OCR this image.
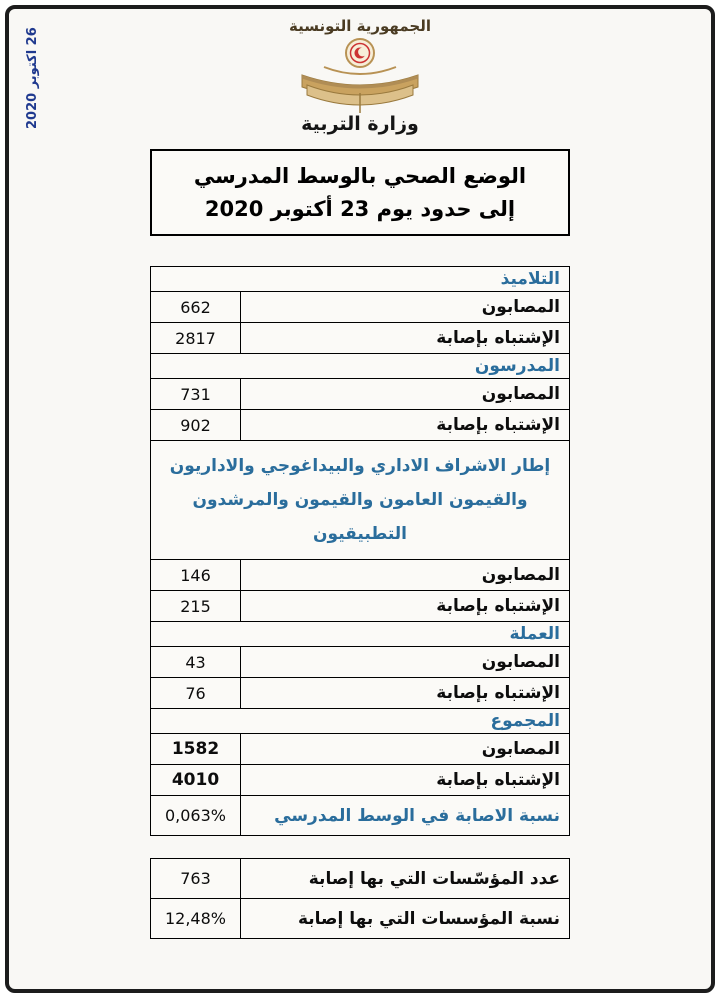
26 اكتوبر 2020
الجمهورية التونسية
وزارة التربية
الوضع الصحي بالوسط المدرسي
إلى حدود يوم 23 أكتوبر 2020
التلاميذ	
المصابون	662
الإشتباه بإصابة	2817
المدرسون	
المصابون	731
الإشتباه بإصابة	902
إطار الاشراف الاداري والبيداغوجي والاداريون والقيمون العامون والقيمون والمرشدون التطبيقيون	
المصابون	146
الإشتباه بإصابة	215
العملة	
المصابون	43
الإشتباه بإصابة	76
المجموع	
المصابون	1582
الإشتباه بإصابة	4010
نسبة الاصابة في الوسط المدرسي	0,063%
عدد المؤسّسات التي بها إصابة	763
نسبة المؤسسات التي بها إصابة	12,48%
